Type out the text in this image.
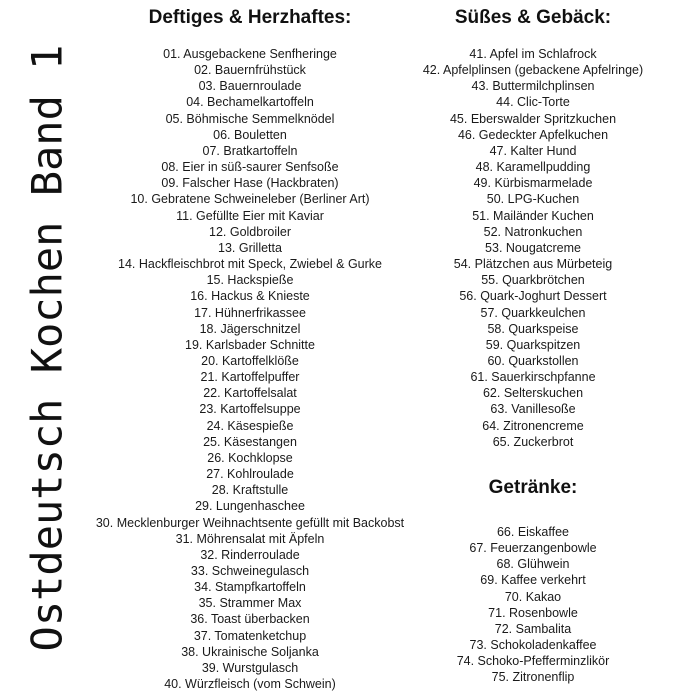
Ostdeutsch Kochen Band 1
Deftiges & Herzhaftes:
01. Ausgebackene Senfheringe
02. Bauernfrühstück
03. Bauernroulade
04. Bechamelkartoffeln
05. Böhmische Semmelknödel
06. Bouletten
07. Bratkartoffeln
08. Eier in süß-saurer Senfsoße
09. Falscher Hase (Hackbraten)
10. Gebratene Schweineleber (Berliner Art)
11. Gefüllte Eier mit Kaviar
12. Goldbroiler
13. Grilletta
14. Hackfleischbrot mit Speck, Zwiebel & Gurke
15. Hackspieße
16. Hackus & Knieste
17. Hühnerfrikassee
18. Jägerschnitzel
19. Karlsbader Schnitte
20. Kartoffelklöße
21. Kartoffelpuffer
22. Kartoffelsalat
23. Kartoffelsuppe
24. Käsespieße
25. Käsestangen
26. Kochklopse
27. Kohlroulade
28. Kraftstulle
29. Lungenhaschee
30. Mecklenburger Weihnachtsente gefüllt mit Backobst
31. Möhrensalat mit Äpfeln
32. Rinderroulade
33. Schweinegulasch
34. Stampfkartoffeln
35. Strammer Max
36. Toast überbacken
37. Tomatenketchup
38. Ukrainische Soljanka
39. Wurstgulasch
40. Würzfleisch (vom Schwein)
Süßes & Gebäck:
41. Apfel im Schlafrock
42. Apfelplinsen (gebackene Apfelringe)
43. Buttermilchplinsen
44. Clic-Torte
45. Eberswalder Spritzkuchen
46. Gedeckter Apfelkuchen
47. Kalter Hund
48. Karamellpudding
49. Kürbismarmelade
50. LPG-Kuchen
51. Mailänder Kuchen
52. Natronkuchen
53. Nougatcreme
54. Plätzchen aus Mürbeteig
55. Quarkbrötchen
56. Quark-Joghurt Dessert
57. Quarkkeulchen
58. Quarkspeise
59. Quarkspitzen
60. Quarkstollen
61. Sauerkirschpfanne
62. Selterskuchen
63. Vanillesoße
64. Zitronencreme
65. Zuckerbrot
Getränke:
66. Eiskaffee
67. Feuerzangenbowle
68. Glühwein
69. Kaffee verkehrt
70. Kakao
71. Rosenbowle
72. Sambalita
73. Schokoladenkaffee
74. Schoko-Pfefferminzlikör
75. Zitronenflip
